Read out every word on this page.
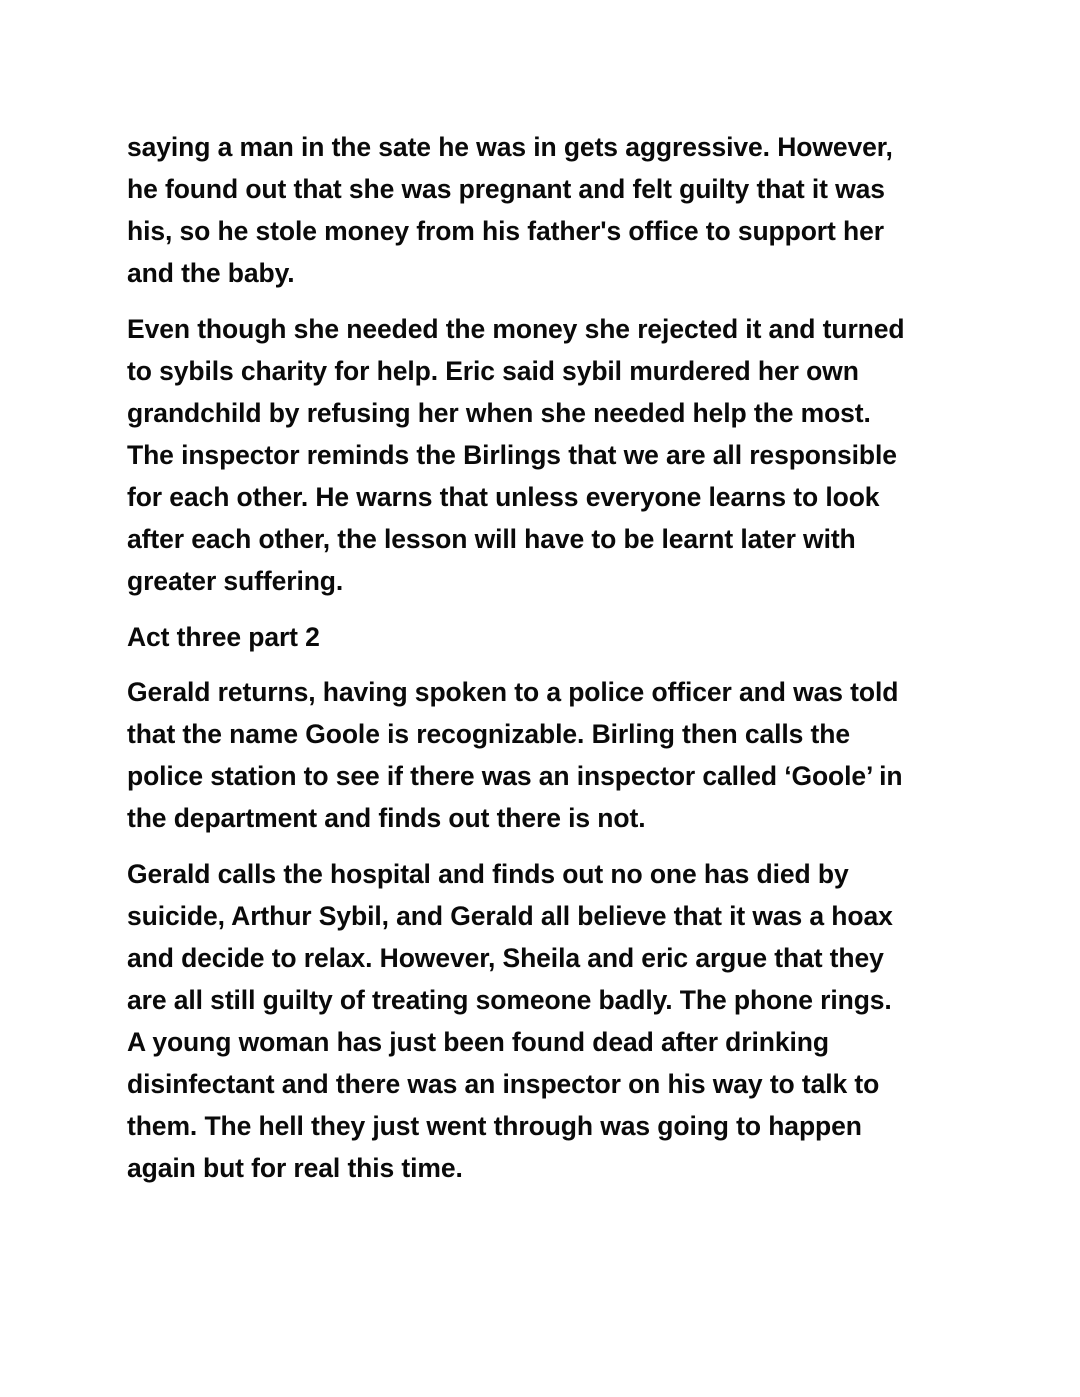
saying a man in the sate he was in gets aggressive. However,
he found out that she was pregnant and felt guilty that it was
his, so he stole money from his father's office to support her
and the baby.
Even though she needed the money she rejected it and turned
to sybils charity for help. Eric said sybil murdered her own
grandchild by refusing her when she needed help the most.
The inspector reminds the Birlings that we are all responsible
for each other. He warns that unless everyone learns to look
after each other, the lesson will have to be learnt later with
greater suffering.
Act three part 2
Gerald returns, having spoken to a police officer and was told
that the name Goole is recognizable. Birling then calls the
police station to see if there was an inspector called ‘Goole’ in
the department and finds out there is not.
Gerald calls the hospital and finds out no one has died by
suicide, Arthur Sybil, and Gerald all believe that it was a hoax
and decide to relax. However, Sheila and eric argue that they
are all still guilty of treating someone badly. The phone rings.
A young woman has just been found dead after drinking
disinfectant and there was an inspector on his way to talk to
them. The hell they just went through was going to happen
again but for real this time.
